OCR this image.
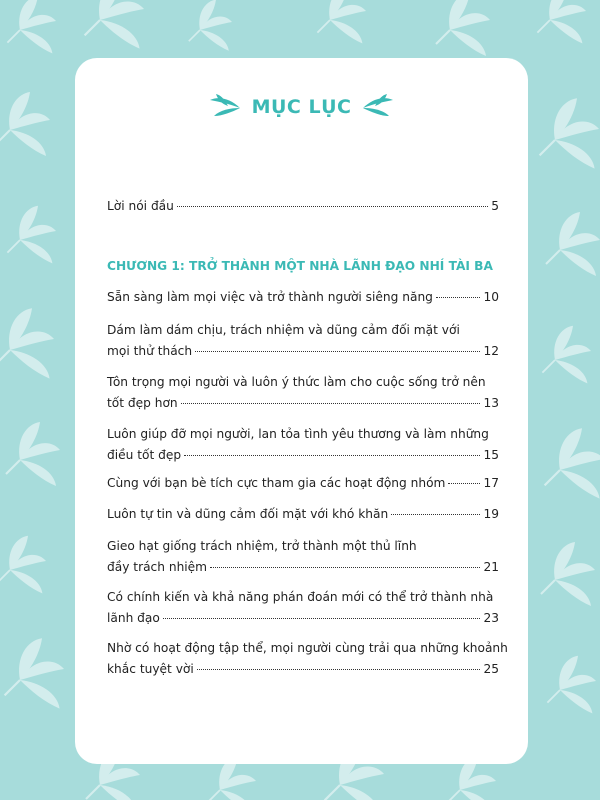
MỤC LỤC
Lời nói đầu	5
CHƯƠNG 1: TRỞ THÀNH MỘT NHÀ LÃNH ĐẠO NHÍ TÀI BA
Sẵn sàng làm mọi việc và trở thành người siêng năng	10
Dám làm dám chịu, trách nhiệm và dũng cảm đối mặt với
mọi thử thách	12
Tôn trọng mọi người và luôn ý thức làm cho cuộc sống trở nên
tốt đẹp hơn	13
Luôn giúp đỡ mọi người, lan tỏa tình yêu thương và làm những
điều tốt đẹp	15
Cùng với bạn bè tích cực tham gia các hoạt động nhóm	17
Luôn tự tin và dũng cảm đối mặt với khó khăn	19
Gieo hạt giống trách nhiệm, trở thành một thủ lĩnh
đầy trách nhiệm	21
Có chính kiến và khả năng phán đoán mới có thể trở thành nhà
lãnh đạo	23
Nhờ có hoạt động tập thể, mọi người cùng trải qua những khoảnh
khắc tuyệt vời	25
